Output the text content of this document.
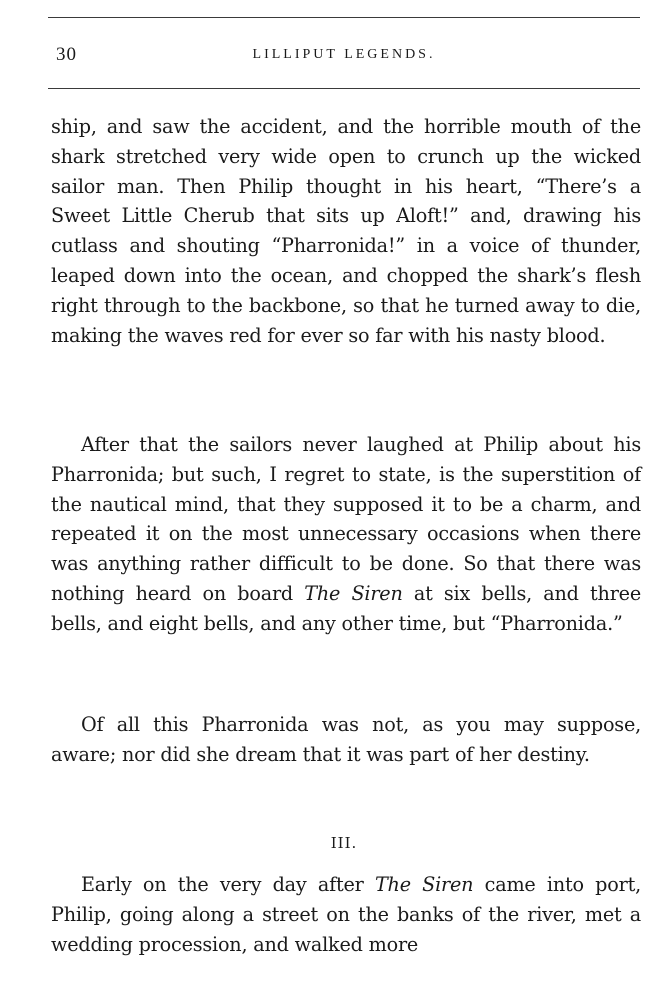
30	LILLIPUT LEGENDS.

ship, and saw the accident, and the horrible mouth of the shark stretched very wide open to crunch up the wicked sailor man. Then Philip thought in his heart, “There’s a Sweet Little Cherub that sits up Aloft!” and, drawing his cutlass and shouting “Pharronida!” in a voice of thunder, leaped down into the ocean, and chopped the shark’s flesh right through to the backbone, so that he turned away to die, making the waves red for ever so far with his nasty blood.

After that the sailors never laughed at Philip about his Pharronida; but such, I regret to state, is the superstition of the nautical mind, that they supposed it to be a charm, and repeated it on the most unnecessary occasions when there was anything rather difficult to be done. So that there was nothing heard on board The Siren at six bells, and three bells, and eight bells, and any other time, but “Pharronida.”

Of all this Pharronida was not, as you may suppose, aware; nor did she dream that it was part of her destiny.

III.

Early on the very day after The Siren came into port, Philip, going along a street on the banks of the river, met a wedding procession, and walked more
